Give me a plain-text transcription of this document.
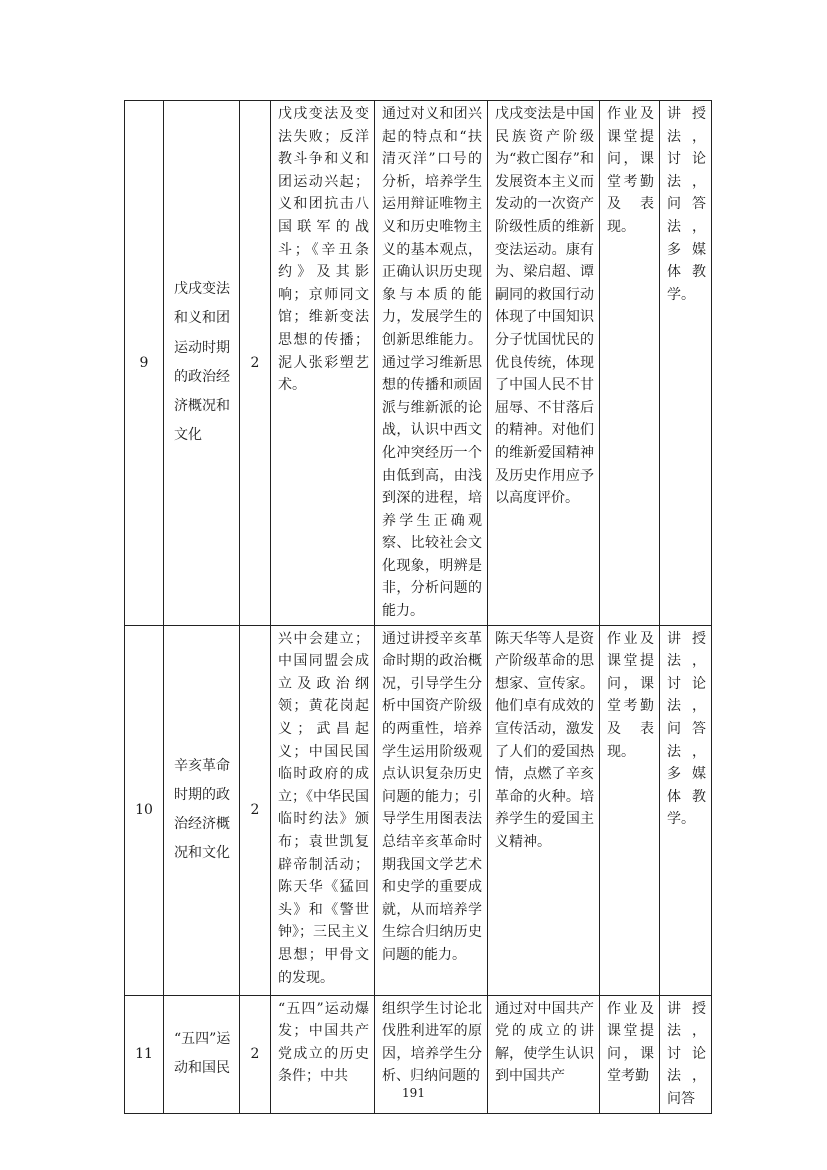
9	戊戌变法和义和团运动时期的政治经济概况和文化	2	戊戌变法及变法失败；反洋教斗争和义和团运动兴起；义和团抗击八国联军的战斗；《辛丑条约》及其影响；京师同文馆；维新变法思想的传播；泥人张彩塑艺术。	通过对义和团兴起的特点和“扶清灭洋”口号的分析，培养学生运用辩证唯物主义和历史唯物主义的基本观点，正确认识历史现象与本质的能力，发展学生的创新思维能力。通过学习维新思想的传播和顽固派与维新派的论战，认识中西文化冲突经历一个由低到高，由浅到深的进程，培养学生正确观察、比较社会文化现象，明辨是非，分析问题的能力。	戊戌变法是中国民族资产阶级为“救亡图存”和发展资本主义而发动的一次资产阶级性质的维新变法运动。康有为、梁启超、谭嗣同的救国行动体现了中国知识分子忧国忧民的优良传统，体现了中国人民不甘屈辱、不甘落后的精神。对他们的维新爱国精神及历史作用应予以高度评价。	作业及课堂提问，课堂考勤及表现。	讲授法，讨论法，问答法，多媒体教学。

10	辛亥革命时期的政治经济概况和文化	2	兴中会建立；中国同盟会成立及政治纲领；黄花岗起义；武昌起义；中国民国临时政府的成立；《中华民国临时约法》颁布；袁世凯复辟帝制活动；陈天华《猛回头》和《警世钟》；三民主义思想；甲骨文的发现。	通过讲授辛亥革命时期的政治概况，引导学生分析中国资产阶级的两重性，培养学生运用阶级观点认识复杂历史问题的能力；引导学生用图表法总结辛亥革命时期我国文学艺术和史学的重要成就，从而培养学生综合归纳历史问题的能力。	陈天华等人是资产阶级革命的思想家、宣传家。他们卓有成效的宣传活动，激发了人们的爱国热情，点燃了辛亥革命的火种。培养学生的爱国主义精神。	作业及课堂提问，课堂考勤及表现。	讲授法，讨论法，问答法，多媒体教学。

11	“五四”运动和国民	2	“五四”运动爆发；中国共产党成立的历史条件；中共	组织学生讨论北伐胜利进军的原因，培养学生分析、归纳问题的	通过对中国共产党的成立的讲解，使学生认识到中国共产	作业及课堂提问，课堂考勤	讲授法，讨论法，问答
191
